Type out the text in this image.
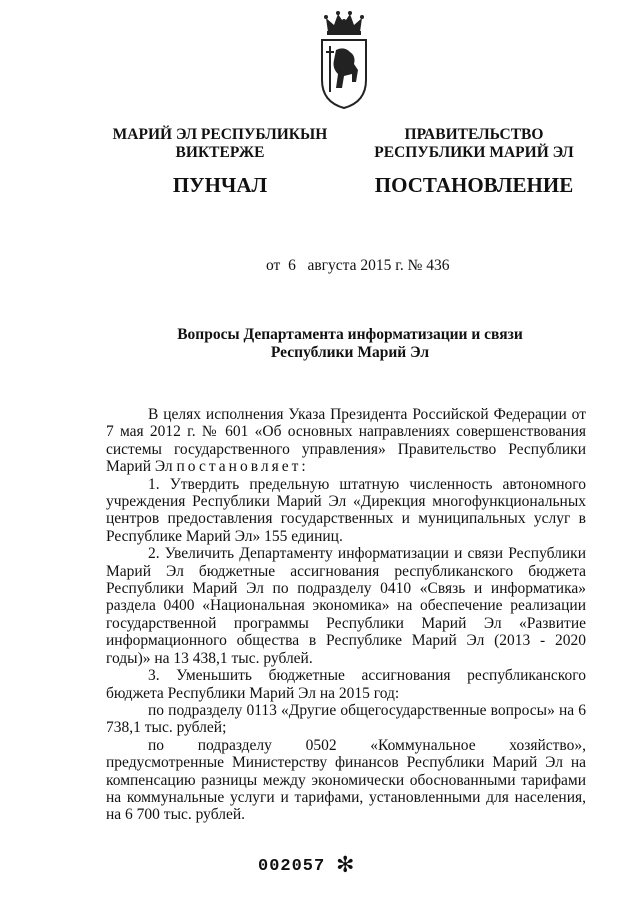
МАРИЙ ЭЛ РЕСПУБЛИКЫН
ВИКТЕРЖЕ
ПУНЧАЛ
ПРАВИТЕЛЬСТВО
РЕСПУБЛИКИ МАРИЙ ЭЛ
ПОСТАНОВЛЕНИЕ
от  6   августа 2015 г. № 436
Вопросы Департамента информатизации и связи
Республики Марий Эл

В целях исполнения Указа Президента Российской Федерации от 7 мая 2012 г. № 601 «Об основных направлениях совершенствования системы государственного управления» Правительство Республики Марий Эл постановляет:

1. Утвердить предельную штатную численность автономного учреждения Республики Марий Эл «Дирекция многофункциональных центров предоставления государственных и муниципальных услуг в Республике Марий Эл» 155 единиц.

2. Увеличить Департаменту информатизации и связи Республики Марий Эл бюджетные ассигнования республиканского бюджета Республики Марий Эл по подразделу 0410 «Связь и информатика» раздела 0400 «Национальная экономика» на обеспечение реализации государственной программы Республики Марий Эл «Развитие информационного общества в Республике Марий Эл (2013 - 2020 годы)» на 13 438,1 тыс. рублей.

3. Уменьшить бюджетные ассигнования республиканского бюджета Республики Марий Эл на 2015 год:

по подразделу 0113 «Другие общегосударственные вопросы» на 6 738,1 тыс. рублей;

по подразделу 0502 «Коммунальное хозяйство», предусмотренные Министерству финансов Республики Марий Эл на компенсацию разницы между экономически обоснованными тарифами на коммунальные услуги и тарифами, установленными для населения, на 6 700 тыс. рублей.

002057 ✻
